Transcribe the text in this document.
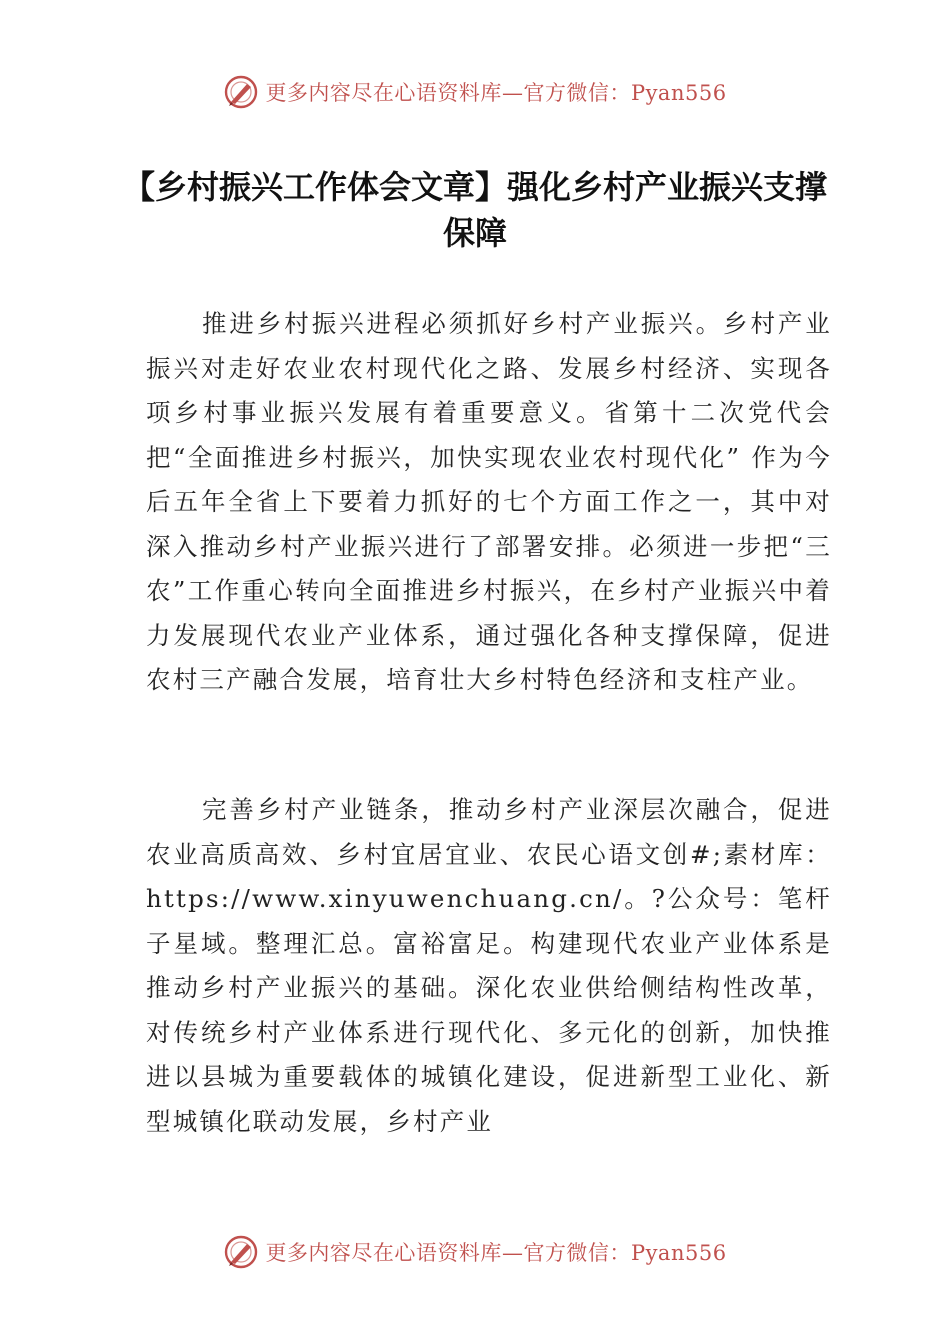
更多内容尽在心语资料库—官方微信：Pyan556
【乡村振兴工作体会文章】强化乡村产业振兴支撑保障

推进乡村振兴进程必须抓好乡村产业振兴。乡村产业振兴对走好农业农村现代化之路、发展乡村经济、实现各项乡村事业振兴发展有着重要意义。省第十二次党代会把“全面推进乡村振兴，加快实现农业农村现代化” 作为今后五年全省上下要着力抓好的七个方面工作之一，其中对深入推动乡村产业振兴进行了部署安排。必须进一步把“三农”工作重心转向全面推进乡村振兴，在乡村产业振兴中着力发展现代农业产业体系，通过强化各种支撑保障，促进农村三产融合发展，培育壮大乡村特色经济和支柱产业。

完善乡村产业链条，推动乡村产业深层次融合，促进农业高质高效、乡村宜居宜业、农民心语文创#;素材库：https://www.xinyuwenchuang.cn/。?公众号：笔杆子星域。整理汇总。富裕富足。构建现代农业产业体系是推动乡村产业振兴的基础。深化农业供给侧结构性改革，对传统乡村产业体系进行现代化、多元化的创新，加快推进以县城为重要载体的城镇化建设，促进新型工业化、新型城镇化联动发展，乡村产业

更多内容尽在心语资料库—官方微信：Pyan556
